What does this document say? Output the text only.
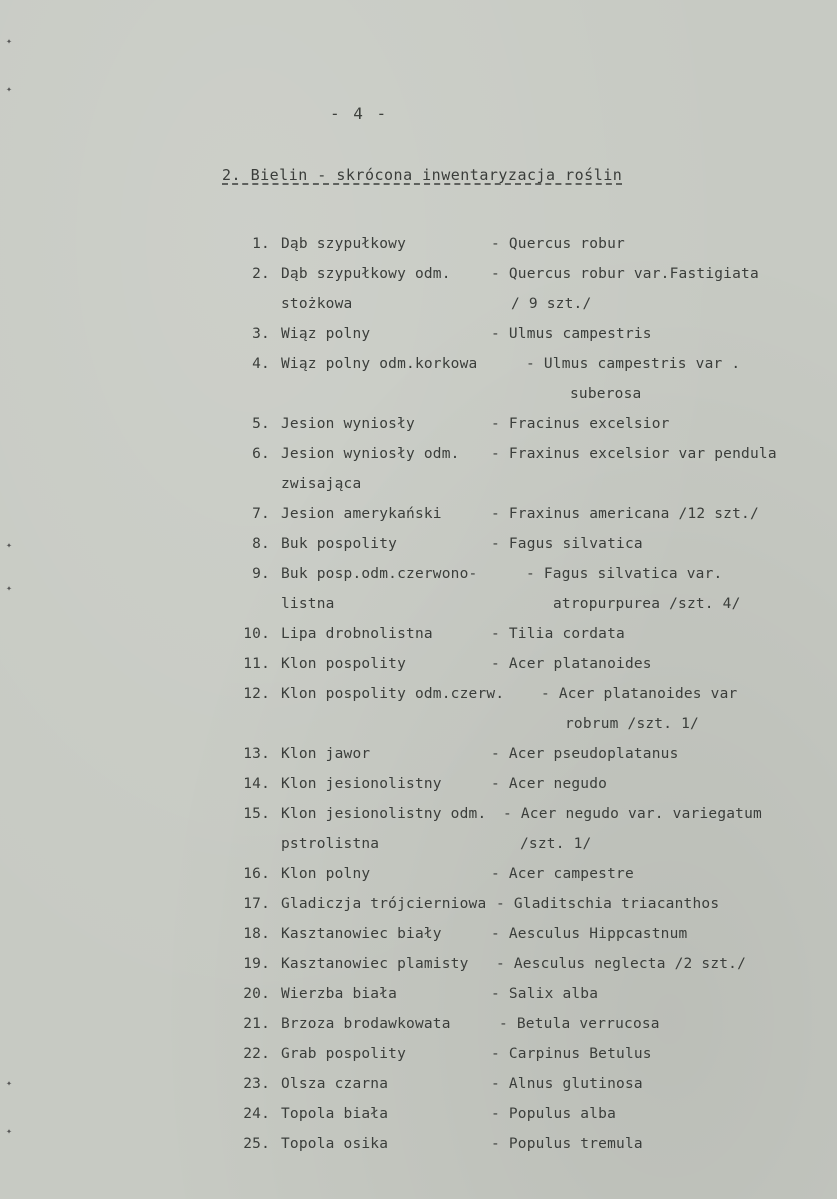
✦
✦
✦
✦
✦
✦
- 4 -
2. Bielin - skrócona inwentaryzacja roślin
1. Dąb szypułkowy	- Quercus robur
2. Dąb szypułkowy odm.	- Quercus robur var.Fastigiata
stożkowa	/ 9 szt./
3. Wiąz polny	- Ulmus campestris
4. Wiąz polny odm.korkowa	- Ulmus campestris var .
suberosa
5. Jesion wyniosły	- Fracinus excelsior
6. Jesion wyniosły odm. - Fraxinus excelsior var pendula
zwisająca
7. Jesion amerykański	- Fraxinus americana /12 szt./
8. Buk pospolity	- Fagus silvatica
9. Buk posp.odm.czerwono-	- Fagus silvatica var.
listna	atropurpurea /szt. 4/
10. Lipa drobnolistna	- Tilia cordata
11. Klon pospolity	- Acer platanoides
12. Klon pospolity odm.czerw.	- Acer platanoides var
robrum /szt. 1/
13. Klon jawor	- Acer pseudoplatanus
14. Klon jesionolistny	- Acer negudo
15. Klon jesionolistny odm. - Acer negudo var. variegatum
pstrolistna	/szt. 1/
16. Klon polny	- Acer campestre
17. Gladiczja trójcierniowa - Gladitschia triacanthos
18. Kasztanowiec biały	- Aesculus Hippcastnum
19. Kasztanowiec plamisty - Aesculus neglecta /2 szt./
20. Wierzba biała	- Salix alba
21. Brzoza brodawkowata	- Betula verrucosa
22. Grab pospolity	- Carpinus Betulus
23. Olsza czarna	- Alnus glutinosa
24. Topola biała	- Populus alba
25. Topola osika	- Populus tremula
